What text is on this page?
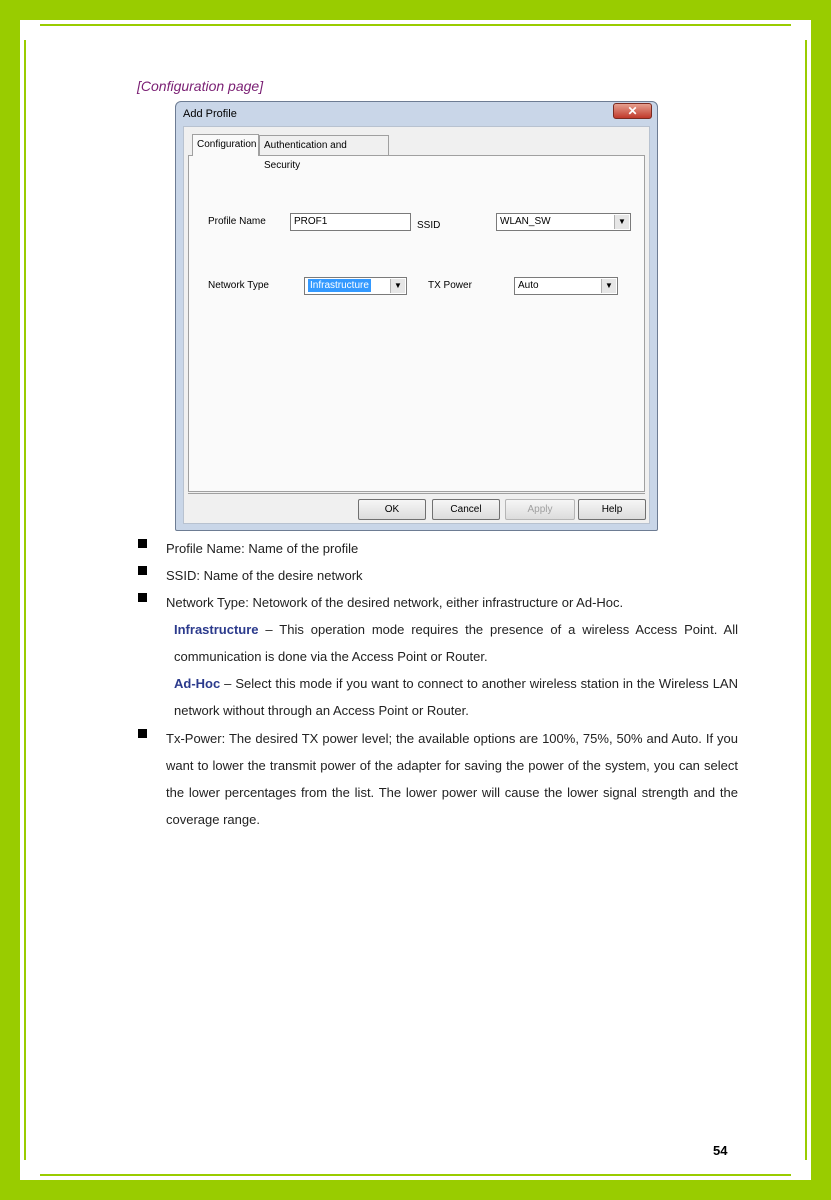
[Configuration page]
Add Profile	✕
Configuration Authentication and Security
Profile Name	PROF1	SSID	WLAN_SW	▼
Network Type	Infrastructure	▼	TX Power	Auto	▼
OK	Cancel	Apply	Help

Profile Name: Name of the profile

SSID: Name of the desire network

Network Type: Netowork of the desired network, either infrastructure or Ad-Hoc.

Infrastructure – This operation mode requires the presence of a wireless Access Point. All communication is done via the Access Point or Router.

Ad-Hoc – Select this mode if you want to connect to another wireless station in the Wireless LAN network without through an Access Point or Router.

Tx-Power: The desired TX power level; the available options are 100%, 75%, 50% and Auto. If you want to lower the transmit power of the adapter for saving the power of the system, you can select the lower percentages from the list. The lower power will cause the lower signal strength and the coverage range.

54
